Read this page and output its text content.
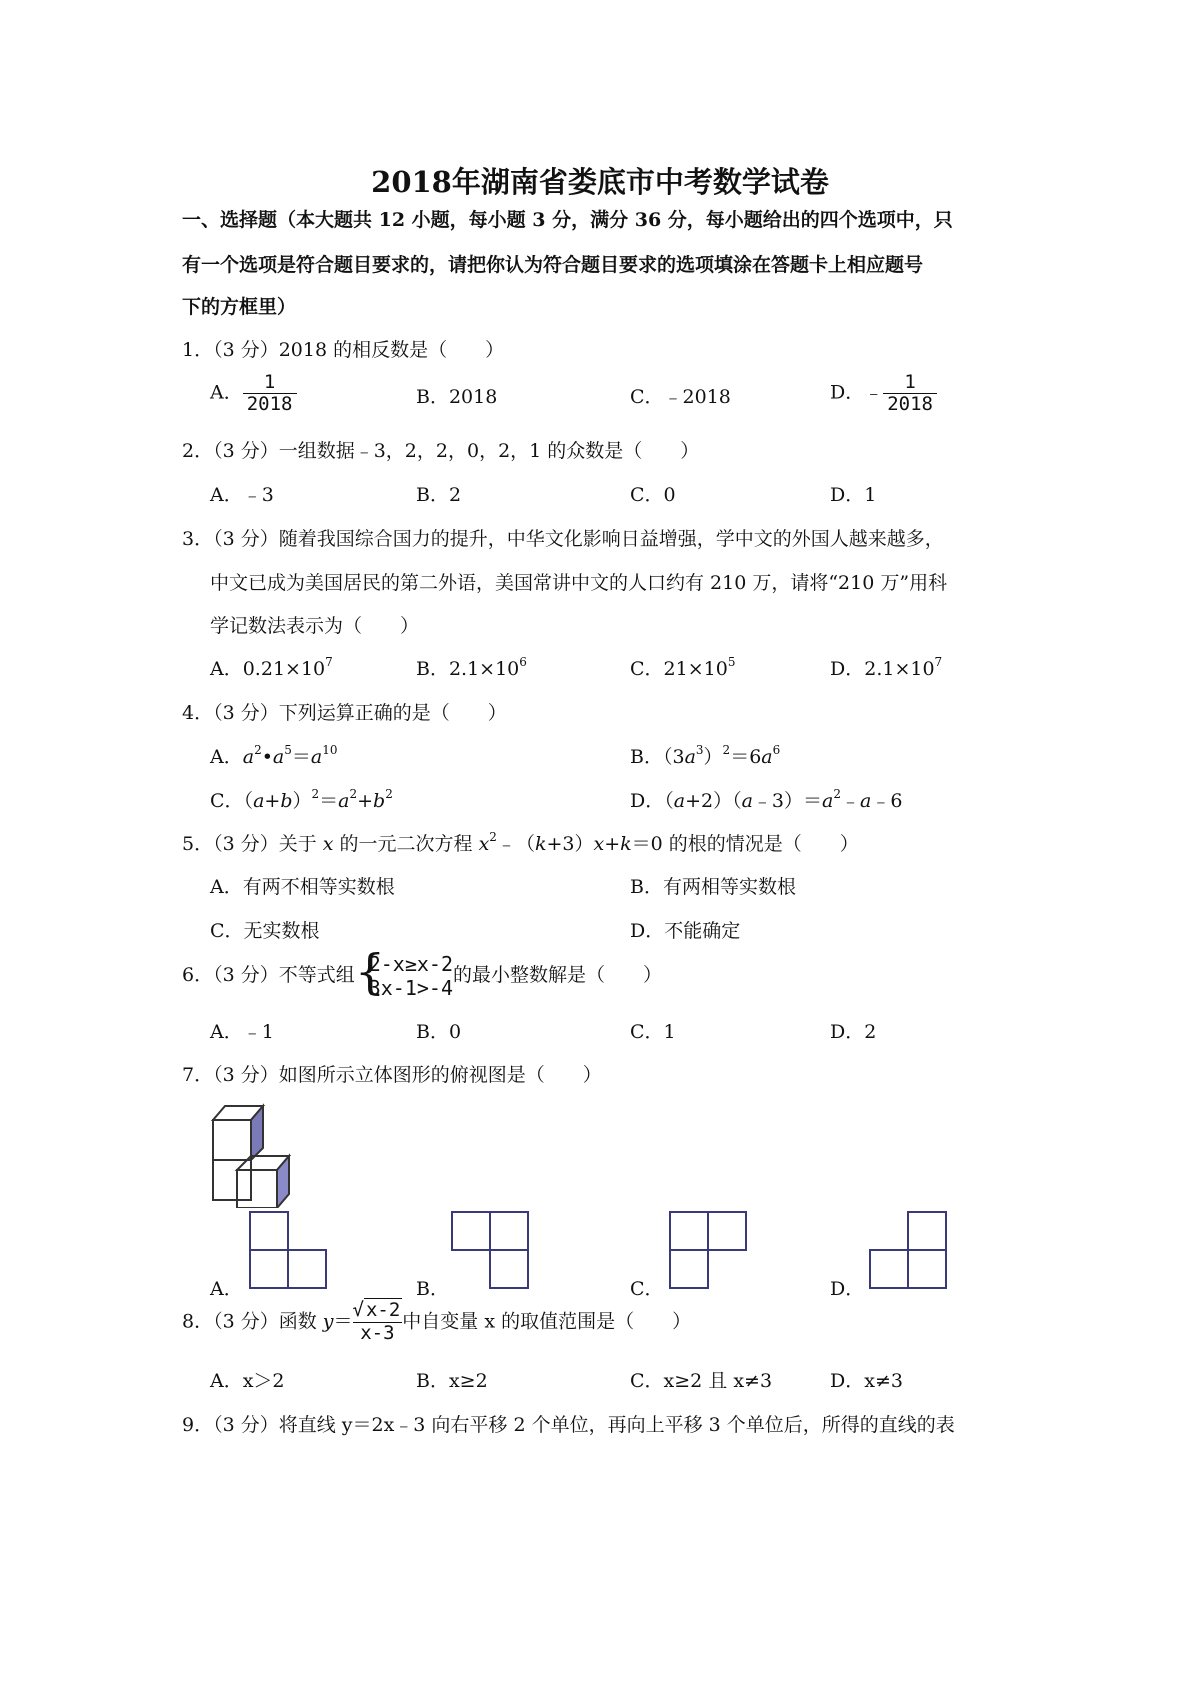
2018年湖南省娄底市中考数学试卷
一、选择题（本大题共 12 小题，每小题 3 分，满分 36 分，每小题给出的四个选项中，只
有一个选项是符合题目要求的，请把你认为符合题目要求的选项填涂在答题卡上相应题号
下的方框里）
1．（3 分）2018 的相反数是（　　）
A． $\frac{1}{2018}$	B．2018	C．﹣2018	D．﹣ $\frac{1}{2018}$
2．（3 分）一组数据﹣3，2，2，0，2，1 的众数是（　　）
A．﹣3	B．2	C．0	D．1
3．（3 分）随着我国综合国力的提升，中华文化影响日益增强，学中文的外国人越来越多，
中文已成为美国居民的第二外语，美国常讲中文的人口约有 210 万，请将“210 万”用科
学记数法表示为（　　）
A．$0.21\times 10^7$	B．$2.1\times 10^6$	C．$21\times 10^5$	D．$2.1\times 10^7$
4．（3 分）下列运算正确的是（　　）
A．$a^2•a^5=a^{10}$	B．$(3a^3)^2=6a^6$
C．$(a+b)^2=a^2+b^2$	D．$(a+2)(a﹣3)=a^2﹣a﹣6$
5．（3 分）关于 x 的一元二次方程 $x^2﹣(k+3)x+k=0$ 的根的情况是（　　）
A．有两不相等实数根	B．有两相等实数根
C．无实数根	D．不能确定
6．（3 分）不等式组 {
2-x≥x-2
3x-1>-4
的最小整数解是（　　）
A．﹣1	B．0	C．1	D．2
7．（3 分）如图所示立体图形的俯视图是（　　）
A．	B．	C．	D．
8．（3 分）函数 $y= \frac{√ x-2}{x-3}$ 中自变量 x 的取值范围是（　　）
A．x＞2	B．x≥2	C．x≥2 且 x≠3	D．x≠3
9．（3 分）将直线 y＝2x﹣3 向右平移 2 个单位，再向上平移 3 个单位后，所得的直线的表
